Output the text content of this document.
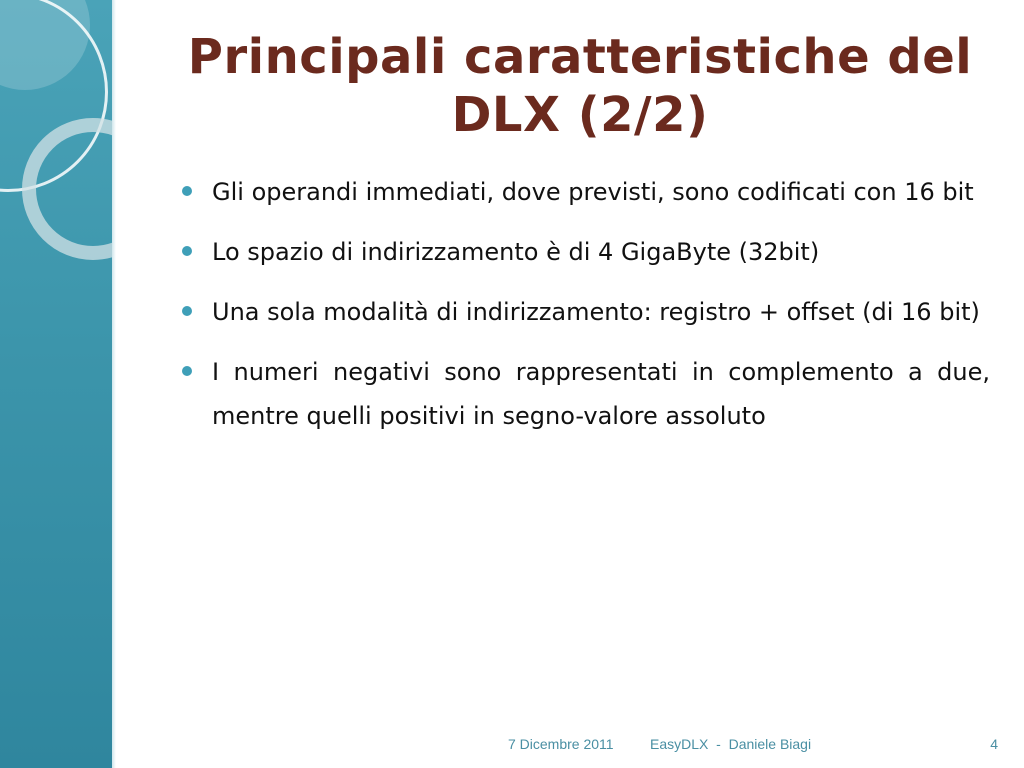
Principali caratteristiche del
DLX (2/2)
Gli operandi immediati, dove previsti, sono codificati con 16 bit
Lo spazio di indirizzamento è di 4 GigaByte (32bit)
Una sola modalità di indirizzamento: registro + offset (di 16 bit)
I numeri negativi sono rappresentati in complemento a due, mentre quelli positivi in segno-valore assoluto
7 Dicembre 2011	EasyDLX  -  Daniele Biagi	4
